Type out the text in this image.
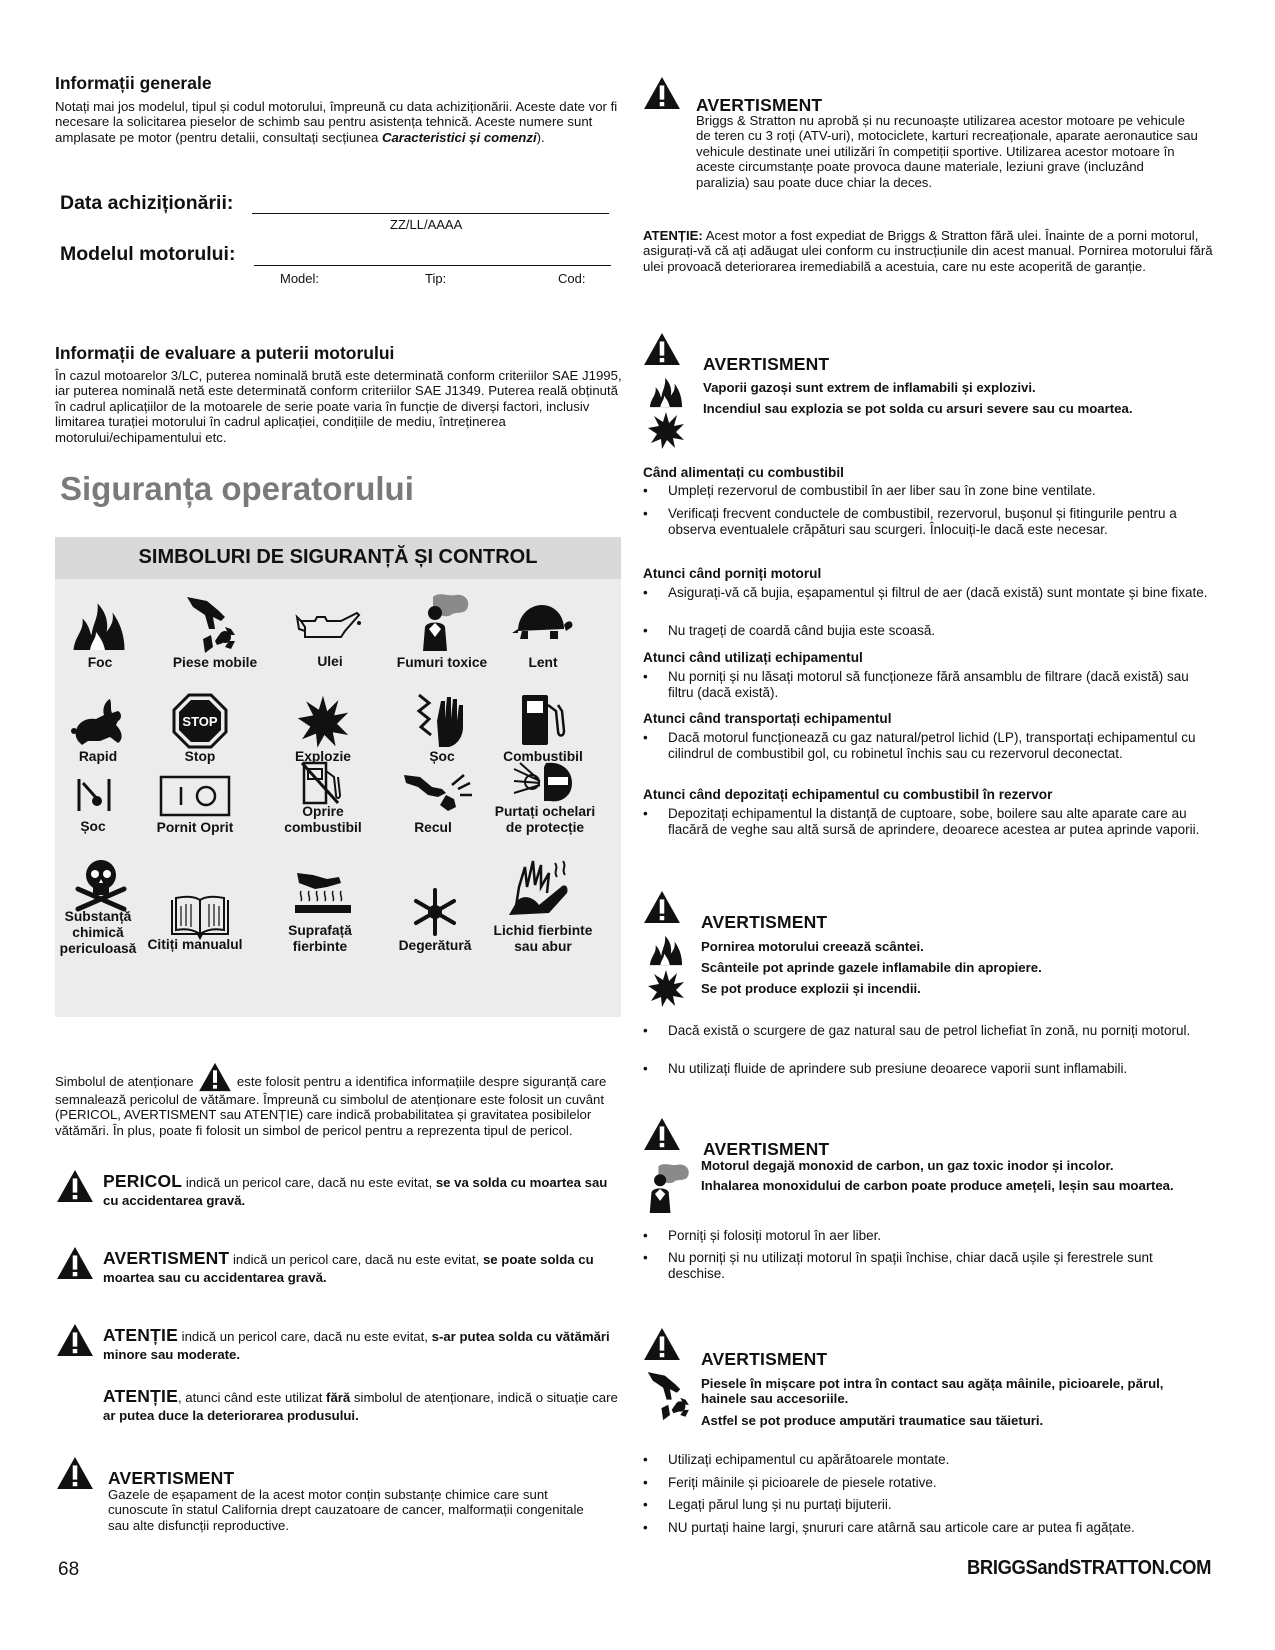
Informații generale
Notați mai jos modelul, tipul și codul motorului, împreună cu data achiziționării. Aceste date vor fi necesare la solicitarea pieselor de schimb sau pentru asistența tehnică. Aceste numere sunt amplasate pe motor (pentru detalii, consultați secțiunea Caracteristici și comenzi).
Data achiziționării:
ZZ/LL/AAAA
Modelul motorului:
Model:	Tip:	Cod:
Informații de evaluare a puterii motorului
În cazul motoarelor 3/LC, puterea nominală brută este determinată conform criteriilor SAE J1995, iar puterea nominală netă este determinată conform criteriilor SAE J1349. Puterea reală obținută în cadrul aplicațiilor de la motoarele de serie poate varia în funcție de diverși factori, inclusiv limitarea turației motorului în cadrul aplicației, condițiile de mediu, întreținerea motorului/echipamentului etc.
Siguranța operatorului
SIMBOLURI DE SIGURANȚĂ ȘI CONTROL
Foc	Piese mobile	Ulei	Fumuri toxice	Lent
Rapid
STOP
Stop	Explozie	Șoc	Combustibil
Șoc	Pornit Oprit
Oprire combustibil	Recul
Purtați ochelari de protecție
Substanță chimică periculoasă Citiți manualul
Suprafață fierbinte	Degerătură
Lichid fierbinte sau abur
Simbolul de atenționare	este folosit pentru a identifica informațiile despre siguranță care semnalează pericolul de vătămare. Împreună cu simbolul de atenționare este folosit un cuvânt (PERICOL, AVERTISMENT sau ATENȚIE) care indică probabilitatea și gravitatea posibilelor vătămări. În plus, poate fi folosit un simbol de pericol pentru a reprezenta tipul de pericol.
PERICOL indică un pericol care, dacă nu este evitat, se va solda cu moartea sau cu accidentarea gravă.
AVERTISMENT indică un pericol care, dacă nu este evitat, se poate solda cu moartea sau cu accidentarea gravă.
ATENȚIE indică un pericol care, dacă nu este evitat, s-ar putea solda cu vătămări minore sau moderate.
ATENȚIE, atunci când este utilizat fără simbolul de atenționare, indică o situație care ar putea duce la deteriorarea produsului.
AVERTISMENT
Gazele de eșapament de la acest motor conțin substanțe chimice care sunt cunoscute în statul California drept cauzatoare de cancer, malformații congenitale sau alte disfuncții reproductive.
68
AVERTISMENT
Briggs & Stratton nu aprobă și nu recunoaște utilizarea acestor motoare pe vehicule de teren cu 3 roți (ATV-uri), motociclete, karturi recreaționale, aparate aeronautice sau vehicule destinate unei utilizări în competiții sportive. Utilizarea acestor motoare în aceste circumstanțe poate provoca daune materiale, leziuni grave (incluzând paralizia) sau poate duce chiar la deces.
ATENȚIE: Acest motor a fost expediat de Briggs & Stratton fără ulei. Înainte de a porni motorul, asigurați-vă că ați adăugat ulei conform cu instrucțiunile din acest manual. Pornirea motorului fără ulei provoacă deteriorarea iremediabilă a acestuia, care nu este acoperită de garanție.
AVERTISMENT
Vaporii gazoși sunt extrem de inflamabili și explozivi.
Incendiul sau explozia se pot solda cu arsuri severe sau cu moartea.
Când alimentați cu combustibil
• Umpleți rezervorul de combustibil în aer liber sau în zone bine ventilate.
• Verificați frecvent conductele de combustibil, rezervorul, bușonul și fitingurile pentru a observa eventualele crăpături sau scurgeri. Înlocuiți-le dacă este necesar.
Atunci când porniți motorul
• Asigurați-vă că bujia, eșapamentul și filtrul de aer (dacă există) sunt montate și bine fixate.
• Nu trageți de coardă când bujia este scoasă.
Atunci când utilizați echipamentul
• Nu porniți și nu lăsați motorul să funcționeze fără ansamblu de filtrare (dacă există) sau filtru (dacă există).
Atunci când transportați echipamentul
• Dacă motorul funcționează cu gaz natural/petrol lichid (LP), transportați echipamentul cu cilindrul de combustibil gol, cu robinetul închis sau cu rezervorul deconectat.
Atunci când depozitați echipamentul cu combustibil în rezervor
• Depozitați echipamentul la distanță de cuptoare, sobe, boilere sau alte aparate care au flacără de veghe sau altă sursă de aprindere, deoarece acestea ar putea aprinde vaporii.
AVERTISMENT
Pornirea motorului creează scântei.
Scânteile pot aprinde gazele inflamabile din apropiere.
Se pot produce explozii și incendii.
• Dacă există o scurgere de gaz natural sau de petrol lichefiat în zonă, nu porniți motorul.
• Nu utilizați fluide de aprindere sub presiune deoarece vaporii sunt inflamabili.
AVERTISMENT
Motorul degajă monoxid de carbon, un gaz toxic inodor și incolor.
Inhalarea monoxidului de carbon poate produce amețeli, leșin sau moartea.
• Porniți și folosiți motorul în aer liber.
• Nu porniți și nu utilizați motorul în spații închise, chiar dacă ușile și ferestrele sunt deschise.
AVERTISMENT
Piesele în mișcare pot intra în contact sau agăța mâinile, picioarele, părul, hainele sau accesoriile.
Astfel se pot produce amputări traumatice sau tăieturi.
• Utilizați echipamentul cu apărătoarele montate.
• Feriți mâinile și picioarele de piesele rotative.
• Legați părul lung și nu purtați bijuterii.
• NU purtați haine largi, șnururi care atârnă sau articole care ar putea fi agățate.
BRIGGSandSTRATTON.COM
